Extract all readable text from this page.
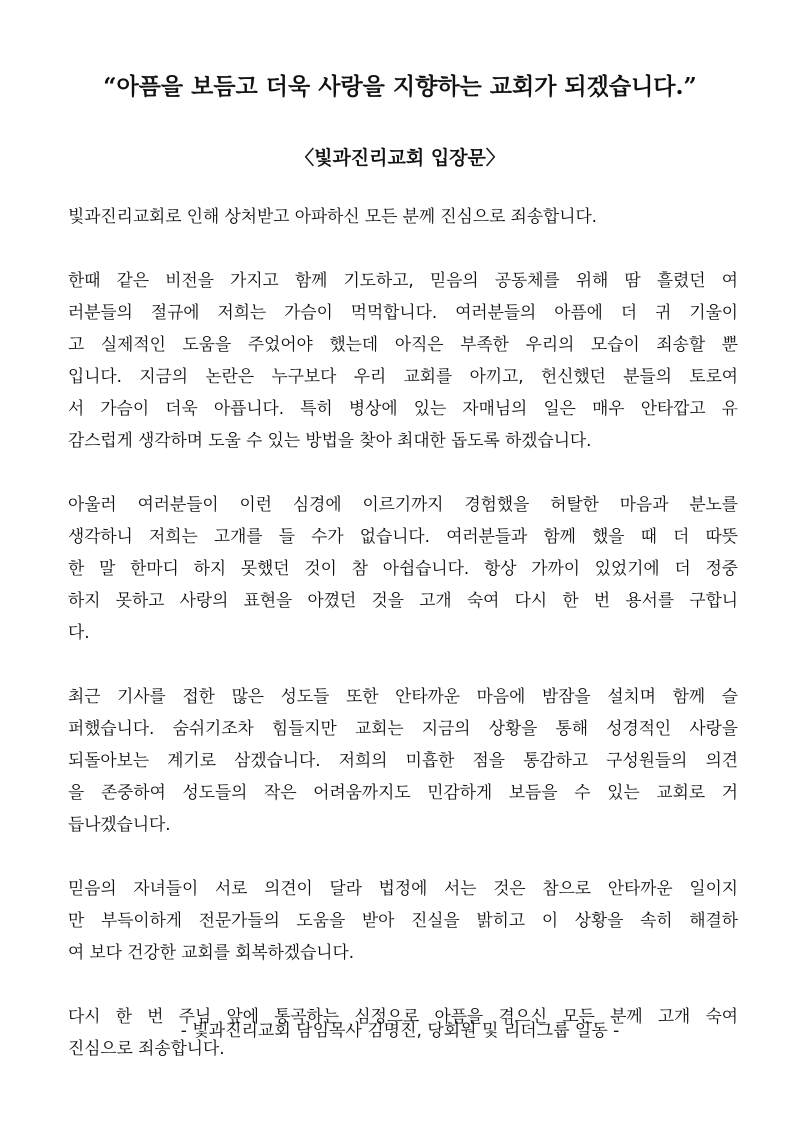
“아픔을 보듬고 더욱 사랑을 지향하는 교회가 되겠습니다.”
〈빛과진리교회 입장문〉
빛과진리교회로 인해 상처받고 아파하신 모든 분께 진심으로 죄송합니다.
한때 같은 비전을 가지고 함께 기도하고, 믿음의 공동체를 위해 땀 흘렸던 여
러분들의 절규에 저희는 가슴이 먹먹합니다. 여러분들의 아픔에 더 귀 기울이
고 실제적인 도움을 주었어야 했는데 아직은 부족한 우리의 모습이 죄송할 뿐
입니다. 지금의 논란은 누구보다 우리 교회를 아끼고, 헌신했던 분들의 토로여
서 가슴이 더욱 아픕니다. 특히 병상에 있는 자매님의 일은 매우 안타깝고 유
감스럽게 생각하며 도울 수 있는 방법을 찾아 최대한 돕도록 하겠습니다.
아울러 여러분들이 이런 심경에 이르기까지 경험했을 허탈한 마음과 분노를
생각하니 저희는 고개를 들 수가 없습니다. 여러분들과 함께 했을 때 더 따뜻
한 말 한마디 하지 못했던 것이 참 아쉽습니다. 항상 가까이 있었기에 더 정중
하지 못하고 사랑의 표현을 아꼈던 것을 고개 숙여 다시 한 번 용서를 구합니
다.
최근 기사를 접한 많은 성도들 또한 안타까운 마음에 밤잠을 설치며 함께 슬
퍼했습니다. 숨쉬기조차 힘들지만 교회는 지금의 상황을 통해 성경적인 사랑을
되돌아보는 계기로 삼겠습니다. 저희의 미흡한 점을 통감하고 구성원들의 의견
을 존중하여 성도들의 작은 어려움까지도 민감하게 보듬을 수 있는 교회로 거
듭나겠습니다.
믿음의 자녀들이 서로 의견이 달라 법정에 서는 것은 참으로 안타까운 일이지
만 부득이하게 전문가들의 도움을 받아 진실을 밝히고 이 상황을 속히 해결하
여 보다 건강한 교회를 회복하겠습니다.
다시 한 번 주님 앞에 통곡하는 심정으로 아픔을 겪으신 모든 분께 고개 숙여
진심으로 죄송합니다.
- 빛과진리교회 담임목사 김명진, 당회원 및 리더그룹 일동 -
